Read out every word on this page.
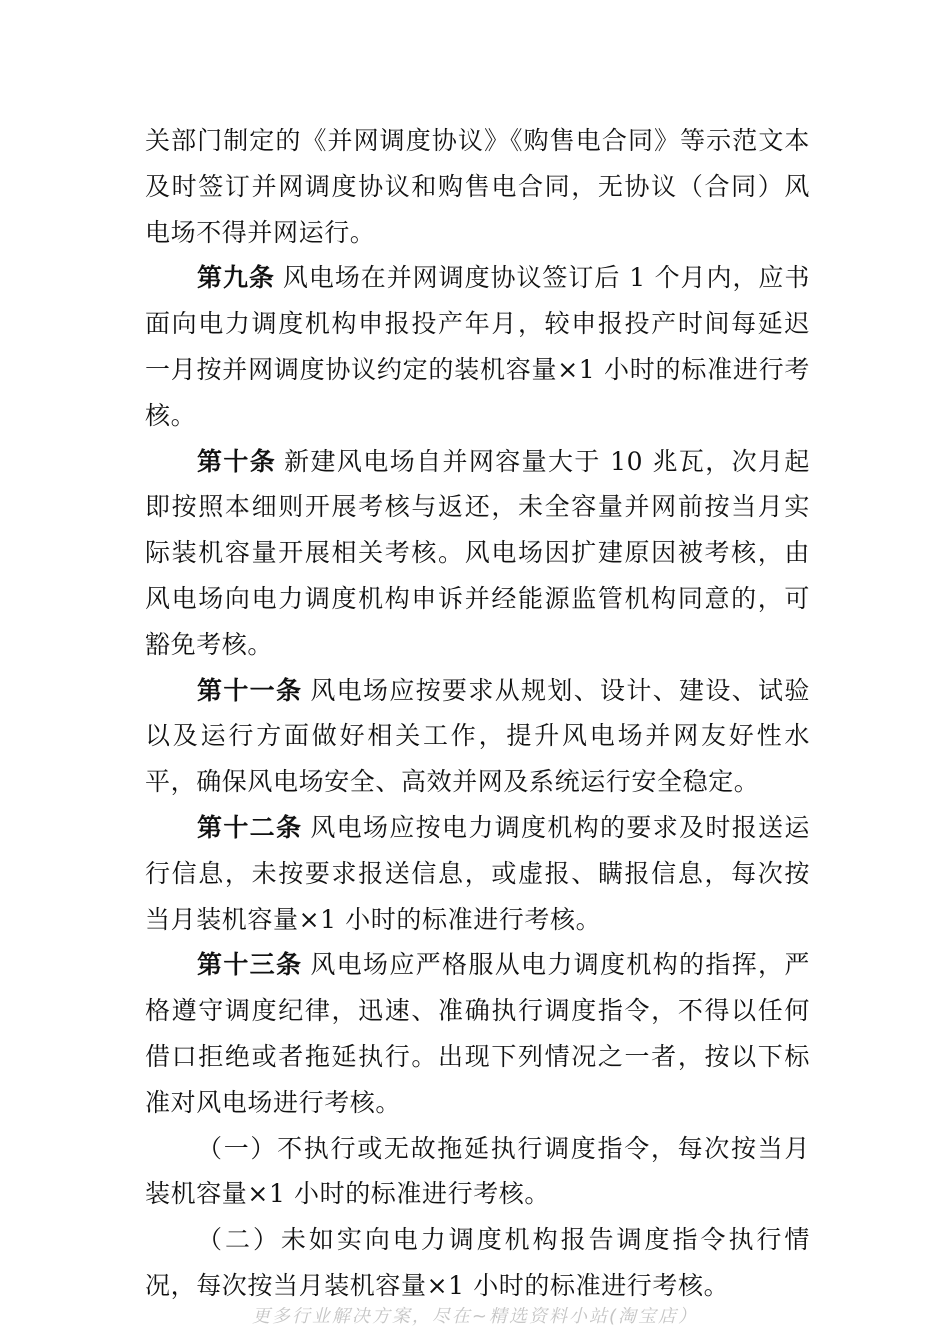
关部门制定的《并网调度协议》《购售电合同》等示范文本及时签订并网调度协议和购售电合同，无协议（合同）风电场不得并网运行。

第九条 风电场在并网调度协议签订后 1 个月内，应书面向电力调度机构申报投产年月，较申报投产时间每延迟一月按并网调度协议约定的装机容量×1 小时的标准进行考核。

第十条 新建风电场自并网容量大于 10 兆瓦，次月起即按照本细则开展考核与返还，未全容量并网前按当月实际装机容量开展相关考核。风电场因扩建原因被考核，由风电场向电力调度机构申诉并经能源监管机构同意的，可豁免考核。

第十一条 风电场应按要求从规划、设计、建设、试验以及运行方面做好相关工作，提升风电场并网友好性水平，确保风电场安全、高效并网及系统运行安全稳定。

第十二条 风电场应按电力调度机构的要求及时报送运行信息，未按要求报送信息，或虚报、瞒报信息，每次按当月装机容量×1 小时的标准进行考核。

第十三条 风电场应严格服从电力调度机构的指挥，严格遵守调度纪律，迅速、准确执行调度指令，不得以任何借口拒绝或者拖延执行。出现下列情况之一者，按以下标准对风电场进行考核。

（一）不执行或无故拖延执行调度指令，每次按当月装机容量×1 小时的标准进行考核。

（二）未如实向电力调度机构报告调度指令执行情况，每次按当月装机容量×1 小时的标准进行考核。

更多行业解决方案，尽在~精选资料小站(淘宝店）
